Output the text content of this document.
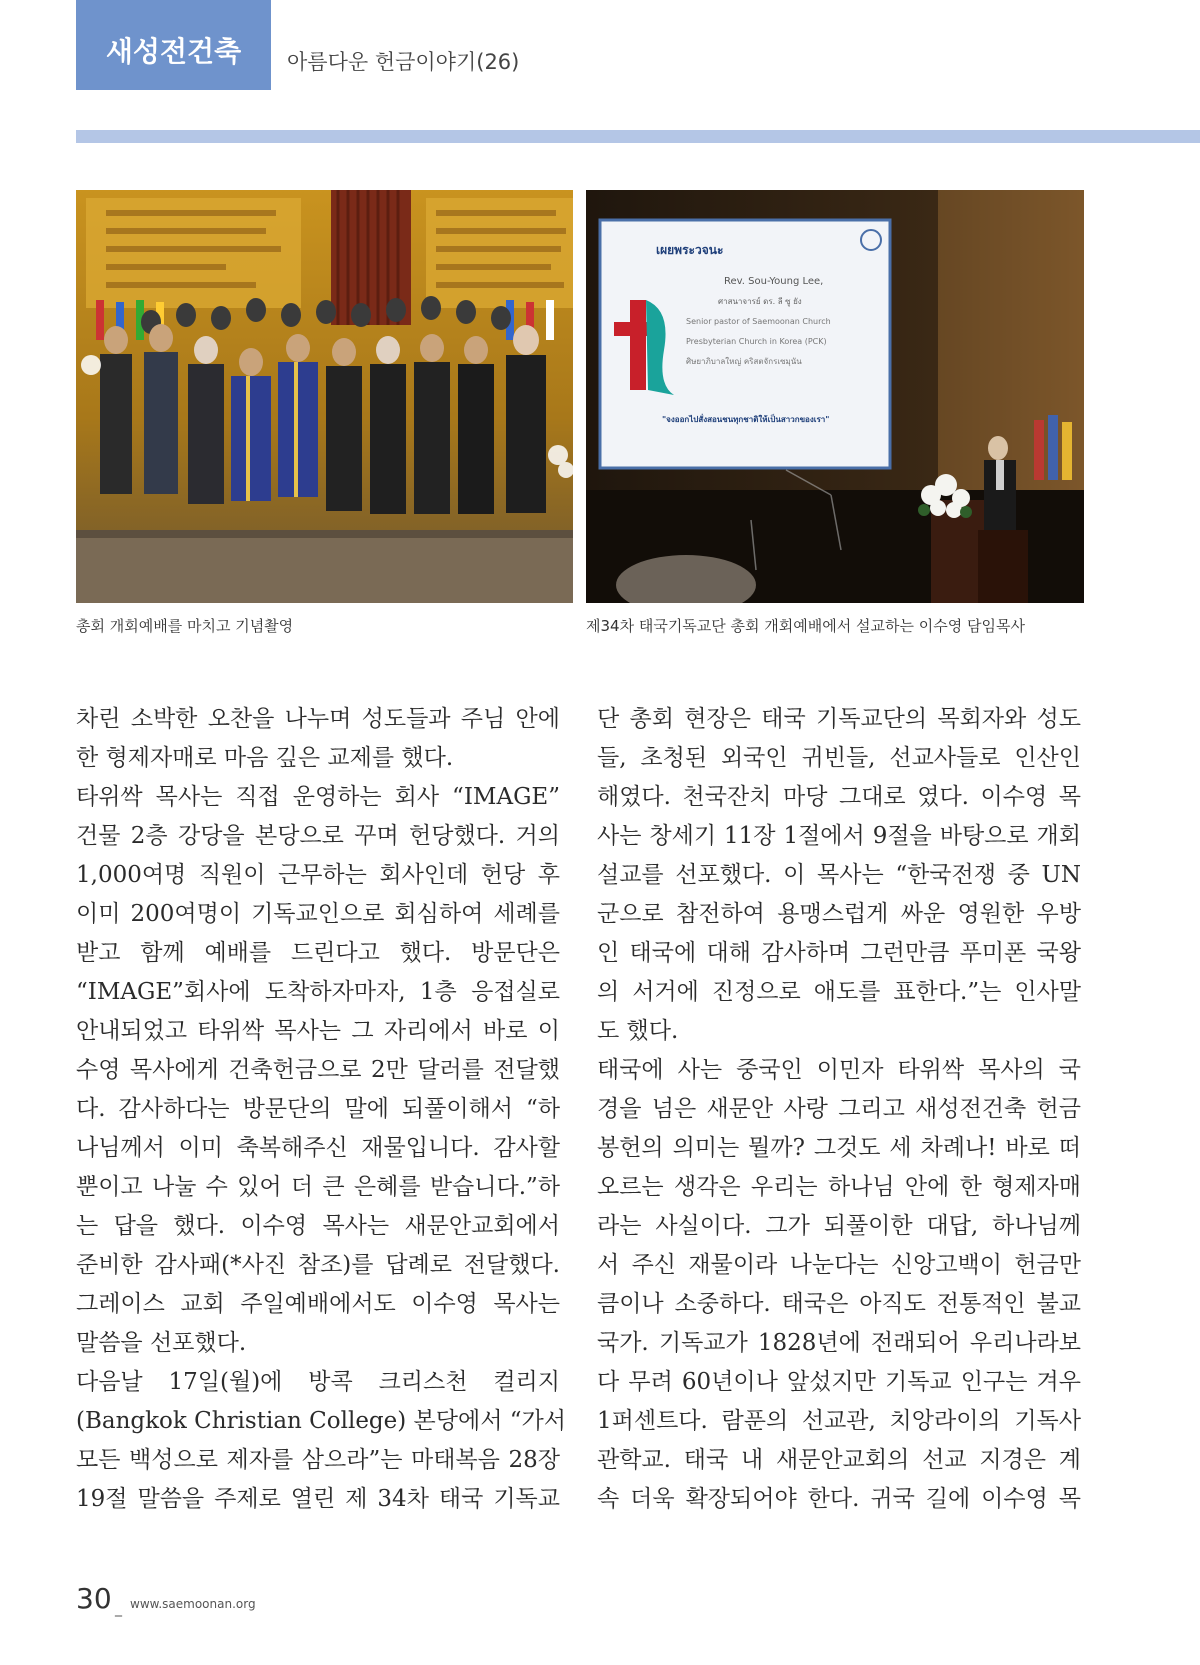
새성전건축	아름다운 헌금이야기(26)
เผยพระวจนะ
Rev. Sou-Young Lee,
ศาสนาจารย์ ดร. ลี ซู ยัง
Senior pastor of Saemoonan Church
Presbyterian Church in Korea (PCK)
ศิษยาภิบาลใหญ่ คริสตจักรเซมุนัน
"จงออกไปสั่งสอนชนทุกชาติให้เป็นสาวกของเรา"
총회 개회예배를 마치고 기념촬영	제34차 태국기독교단 총회 개회예배에서 설교하는 이수영 담임목사
차린 소박한 오찬을 나누며 성도들과 주님 안에
한 형제자매로 마음 깊은 교제를 했다.
타위싹 목사는 직접 운영하는 회사 “IMAGE”
건물 2층 강당을 본당으로 꾸며 헌당했다. 거의
1,000여명 직원이 근무하는 회사인데 헌당 후
이미 200여명이 기독교인으로 회심하여 세례를
받고 함께 예배를 드린다고 했다. 방문단은
“IMAGE”회사에 도착하자마자, 1층 응접실로
안내되었고 타위싹 목사는 그 자리에서 바로 이
수영 목사에게 건축헌금으로 2만 달러를 전달했
다. 감사하다는 방문단의 말에 되풀이해서 “하
나님께서 이미 축복해주신 재물입니다. 감사할
뿐이고 나눌 수 있어 더 큰 은혜를 받습니다.”하
는 답을 했다. 이수영 목사는 새문안교회에서
준비한 감사패(*사진 참조)를 답례로 전달했다.
그레이스 교회 주일예배에서도 이수영 목사는
말씀을 선포했다.
다음날 17일(월)에 방콕 크리스천 컬리지
(Bangkok Christian College) 본당에서 “가서
모든 백성으로 제자를 삼으라”는 마태복음 28장
19절 말씀을 주제로 열린 제 34차 태국 기독교
단 총회 현장은 태국 기독교단의 목회자와 성도
들, 초청된 외국인 귀빈들, 선교사들로 인산인
해였다. 천국잔치 마당 그대로 였다. 이수영 목
사는 창세기 11장 1절에서 9절을 바탕으로 개회
설교를 선포했다. 이 목사는 “한국전쟁 중 UN
군으로 참전하여 용맹스럽게 싸운 영원한 우방
인 태국에 대해 감사하며 그런만큼 푸미폰 국왕
의 서거에 진정으로 애도를 표한다.”는 인사말
도 했다.
태국에 사는 중국인 이민자 타위싹 목사의 국
경을 넘은 새문안 사랑 그리고 새성전건축 헌금
봉헌의 의미는 뭘까? 그것도 세 차례나! 바로 떠
오르는 생각은 우리는 하나님 안에 한 형제자매
라는 사실이다. 그가 되풀이한 대답, 하나님께
서 주신 재물이라 나눈다는 신앙고백이 헌금만
큼이나 소중하다. 태국은 아직도 전통적인 불교
국가. 기독교가 1828년에 전래되어 우리나라보
다 무려 60년이나 앞섰지만 기독교 인구는 겨우
1퍼센트다. 람푼의 선교관, 치앙라이의 기독사
관학교. 태국 내 새문안교회의 선교 지경은 계
속 더욱 확장되어야 한다. 귀국 길에 이수영 목
30 _ www.saemoonan.org
